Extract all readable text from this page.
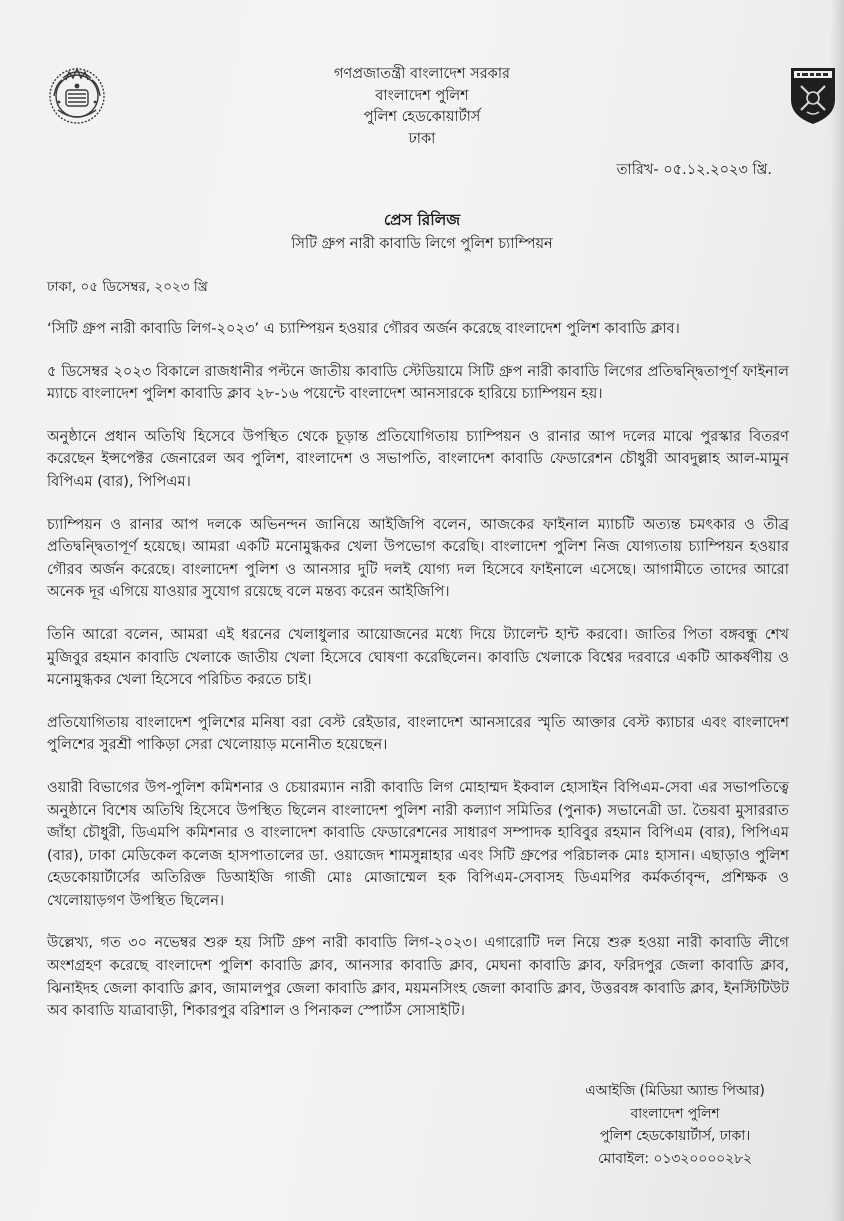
গণপ্রজাতন্ত্রী বাংলাদেশ সরকার
বাংলাদেশ পুলিশ
পুলিশ হেডকোয়ার্টার্স
ঢাকা
তারিখ- ০৫.১২.২০২৩ খ্রি.
প্রেস রিলিজ
সিটি গ্রুপ নারী কাবাডি লিগে পুলিশ চ্যাম্পিয়ন
ঢাকা, ০৫ ডিসেম্বর, ২০২৩ খ্রি

‘সিটি গ্রুপ নারী কাবাডি লিগ-২০২৩’ এ চ্যাম্পিয়ন হওয়ার গৌরব অর্জন করেছে বাংলাদেশ পুলিশ কাবাডি ক্লাব।

৫ ডিসেম্বর ২০২৩ বিকালে রাজধানীর পল্টনে জাতীয় কাবাডি স্টেডিয়ামে সিটি গ্রুপ নারী কাবাডি লিগের প্রতিদ্বন্দ্বিতাপূর্ণ ফাইনাল ম্যাচে বাংলাদেশ পুলিশ কাবাডি ক্লাব ২৮-১৬ পয়েন্টে বাংলাদেশ আনসারকে হারিয়ে চ্যাম্পিয়ন হয়।

অনুষ্ঠানে প্রধান অতিথি হিসেবে উপস্থিত থেকে চূড়ান্ত প্রতিযোগিতায় চ্যাম্পিয়ন ও রানার আপ দলের মাঝে পুরস্কার বিতরণ করেছেন ইন্সপেক্টর জেনারেল অব পুলিশ, বাংলাদেশ ও সভাপতি, বাংলাদেশ কাবাডি ফেডারেশন চৌধুরী আবদুল্লাহ আল-মামুন বিপিএম (বার), পিপিএম।

চ্যাম্পিয়ন ও রানার আপ দলকে অভিনন্দন জানিয়ে আইজিপি বলেন, আজকের ফাইনাল ম্যাচটি অত্যন্ত চমৎকার ও তীব্র প্রতিদ্বন্দ্বিতাপূর্ণ হয়েছে। আমরা একটি মনোমুগ্ধকর খেলা উপভোগ করেছি। বাংলাদেশ পুলিশ নিজ যোগ্যতায় চ্যাম্পিয়ন হওয়ার গৌরব অর্জন করেছে। বাংলাদেশ পুলিশ ও আনসার দুটি দলই যোগ্য দল হিসেবে ফাইনালে এসেছে। আগামীতে তাদের আরো অনেক দূর এগিয়ে যাওয়ার সুযোগ রয়েছে বলে মন্তব্য করেন আইজিপি।

তিনি আরো বলেন, আমরা এই ধরনের খেলাধুলার আয়োজনের মধ্যে দিয়ে ট্যালেন্ট হান্ট করবো। জাতির পিতা বঙ্গবন্ধু শেখ মুজিবুর রহমান কাবাডি খেলাকে জাতীয় খেলা হিসেবে ঘোষণা করেছিলেন। কাবাডি খেলাকে বিশ্বের দরবারে একটি আকর্ষণীয় ও মনোমুগ্ধকর খেলা হিসেবে পরিচিত করতে চাই।

প্রতিযোগিতায় বাংলাদেশ পুলিশের মনিষা বরা বেস্ট রেইডার, বাংলাদেশ আনসারের স্মৃতি আক্তার বেস্ট ক্যাচার এবং বাংলাদেশ পুলিশের সুরশ্রী পাকিড়া সেরা খেলোয়াড় মনোনীত হয়েছেন।

ওয়ারী বিভাগের উপ-পুলিশ কমিশনার ও চেয়ারম্যান নারী কাবাডি লিগ মোহাম্মদ ইকবাল হোসাইন বিপিএম-সেবা এর সভাপতিত্বে অনুষ্ঠানে বিশেষ অতিথি হিসেবে উপস্থিত ছিলেন বাংলাদেশ পুলিশ নারী কল্যাণ সমিতির (পুনাক) সভানেত্রী ডা. তৈয়বা মুসাররাত জাঁহা চৌধুরী, ডিএমপি কমিশনার ও বাংলাদেশ কাবাডি ফেডারেশনের সাধারণ সম্পাদক হাবিবুর রহমান বিপিএম (বার), পিপিএম (বার), ঢাকা মেডিকেল কলেজ হাসপাতালের ডা. ওয়াজেদ শামসুন্নাহার এবং সিটি গ্রুপের পরিচালক মোঃ হাসান। এছাড়াও পুলিশ হেডকোয়ার্টার্সের অতিরিক্ত ডিআইজি গাজী মোঃ মোজাম্মেল হক বিপিএম-সেবাসহ ডিএমপির কর্মকর্তাবৃন্দ, প্রশিক্ষক ও খেলোয়াড়গণ উপস্থিত ছিলেন।

উল্লেখ্য, গত ৩০ নভেম্বর শুরু হয় সিটি গ্রুপ নারী কাবাডি লিগ-২০২৩। এগারোটি দল নিয়ে শুরু হওয়া নারী কাবাডি লীগে অংশগ্রহণ করেছে বাংলাদেশ পুলিশ কাবাডি ক্লাব, আনসার কাবাডি ক্লাব, মেঘনা কাবাডি ক্লাব, ফরিদপুর জেলা কাবাডি ক্লাব, ঝিনাইদহ জেলা কাবাডি ক্লাব, জামালপুর জেলা কাবাডি ক্লাব, ময়মনসিংহ জেলা কাবাডি ক্লাব, উত্তরবঙ্গ কাবাডি ক্লাব, ইনস্টিটিউট অব কাবাডি যাত্রাবাড়ী, শিকারপুর বরিশাল ও পিনাকল স্পোর্টস সোসাইটি।

এআইজি (মিডিয়া অ্যান্ড পিআর)
বাংলাদেশ পুলিশ
পুলিশ হেডকোয়ার্টার্স, ঢাকা।
মোবাইল: ০১৩২০০০০২৮২
